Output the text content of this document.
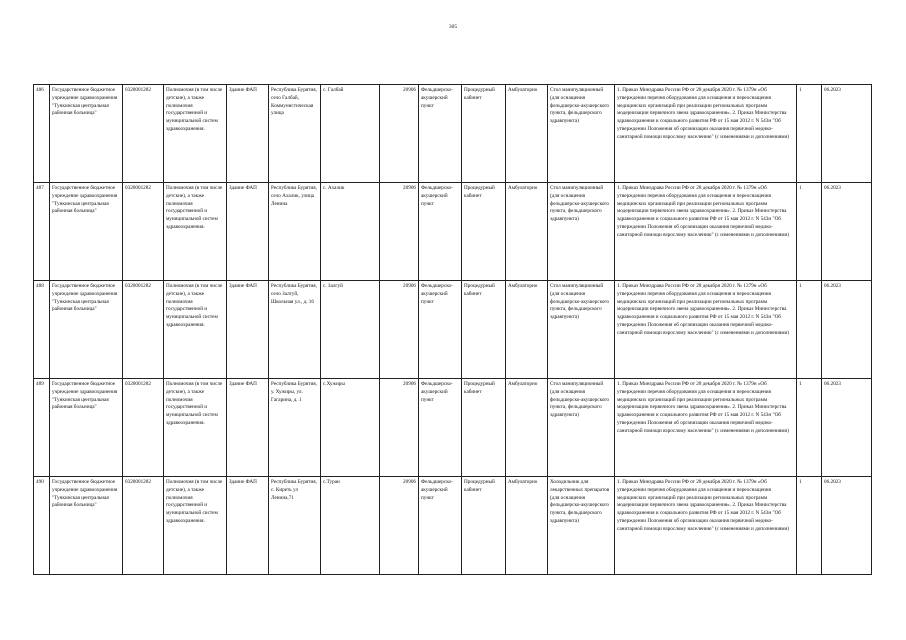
305
486	Государственное бюджетное учреждение здравоохранения "Тункинская центральная районная больница"	0320001282	Полномочия (в том числе детские), а также полномочия государственной и муниципальной систем здравоохранения.	Здание ФАП	Республика Бурятия, село Галбай, Коммунистическая улица	с. Галбай	20906	Фельдшерско-акушерский пункт	Процедурный кабинет	Амбулаторно	Стол манипуляционный (для оснащения фельдшерско-акушерского пункта, фельдшерского здравпункта)	1. Приказ Минздрава России РФ от 28 декабря 2020 г. № 1379н «Об утверждении перечня оборудования для оснащения и переоснащения медицинских организаций при реализации региональных программ модернизации первичного звена здравоохранения». 2. Приказ Министерства здравоохранения и социального развития РФ от 15 мая 2012 г. N 543н "Об утверждении Положения об организации оказания первичной медико-санитарной помощи взрослому населению" (с изменениями и дополнениями)	1	06.2023
487	Государственное бюджетное учреждение здравоохранения "Тункинская центральная районная больница"	0320001282	Полномочия (в том числе детские), а также полномочия государственной и муниципальной систем здравоохранения.	Здание ФАП	Республика Бурятия, село Ахалик, улица Ленина	с. Ахалик	20906	Фельдшерско-акушерский пункт	Процедурный кабинет	Амбулаторно	Стол манипуляционный (для оснащения фельдшерско-акушерского пункта, фельдшерского здравпункта)	1. Приказ Минздрава России РФ от 28 декабря 2020 г. № 1379н «Об утверждении перечня оборудования для оснащения и переоснащения медицинских организаций при реализации региональных программ модернизации первичного звена здравоохранения». 2. Приказ Министерства здравоохранения и социального развития РФ от 15 мая 2012 г. N 543н "Об утверждении Положения об организации оказания первичной медико-санитарной помощи взрослому населению" (с изменениями и дополнениями)	1	06.2023
488	Государственное бюджетное учреждение здравоохранения "Тункинская центральная районная больница"	0320001282	Полномочия (в том числе детские), а также полномочия государственной и муниципальной систем здравоохранения.	Здание ФАП	Республика Бурятия, село Залгуй, Школьная ул., д. 16	с. Залгуй	20906	Фельдшерско-акушерский пункт	Процедурный кабинет	Амбулаторно	Стол манипуляционный (для оснащения фельдшерско-акушерского пункта, фельдшерского здравпункта)	1. Приказ Минздрава России РФ от 28 декабря 2020 г. № 1379н «Об утверждении перечня оборудования для оснащения и переоснащения медицинских организаций при реализации региональных программ модернизации первичного звена здравоохранения». 2. Приказ Министерства здравоохранения и социального развития РФ от 15 мая 2012 г. N 543н "Об утверждении Положения об организации оказания первичной медико-санитарной помощи взрослому населению" (с изменениями и дополнениями)	1	06.2023
489	Государственное бюджетное учреждение здравоохранения "Тункинская центральная районная больница"	0320001282	Полномочия (в том числе детские), а также полномочия государственной и муниципальной систем здравоохранения.	Здание ФАП	Республика Бурятия, у. Хужиры, ул. Гагарина, д. 1	с.Хужиры	20906	Фельдшерско-акушерский пункт	Процедурный кабинет	Амбулаторно	Стол манипуляционный (для оснащения фельдшерско-акушерского пункта, фельдшерского здравпункта)	1. Приказ Минздрава России РФ от 28 декабря 2020 г. № 1379н «Об утверждении перечня оборудования для оснащения и переоснащения медицинских организаций при реализации региональных программ модернизации первичного звена здравоохранения». 2. Приказ Министерства здравоохранения и социального развития РФ от 15 мая 2012 г. N 543н "Об утверждении Положения об организации оказания первичной медико-санитарной помощи взрослому населению" (с изменениями и дополнениями)	1	06.2023
490	Государственное бюджетное учреждение здравоохранения "Тункинская центральная районная больница"	0320001282	Полномочия (в том числе детские), а также полномочия государственной и муниципальной систем здравоохранения.	Здание ФАП	Республика Бурятия, с. Киреть ул Ленина,71	с.Туран	20906	Фельдшерско-акушерский пункт	Процедурный кабинет	Амбулаторно	Холодильник для лекарственных препаратов (для оснащения фельдшерско-акушерского пункта, фельдшерского здравпункта)	1. Приказ Минздрава России РФ от 28 декабря 2020 г. № 1379н «Об утверждении перечня оборудования для оснащения и переоснащения медицинских организаций при реализации региональных программ модернизации первичного звена здравоохранения». 2. Приказ Министерства здравоохранения и социального развития РФ от 15 мая 2012 г. N 543н "Об утверждении Положения об организации оказания первичной медико-санитарной помощи взрослому населению" (с изменениями и дополнениями)	1	06.2023
